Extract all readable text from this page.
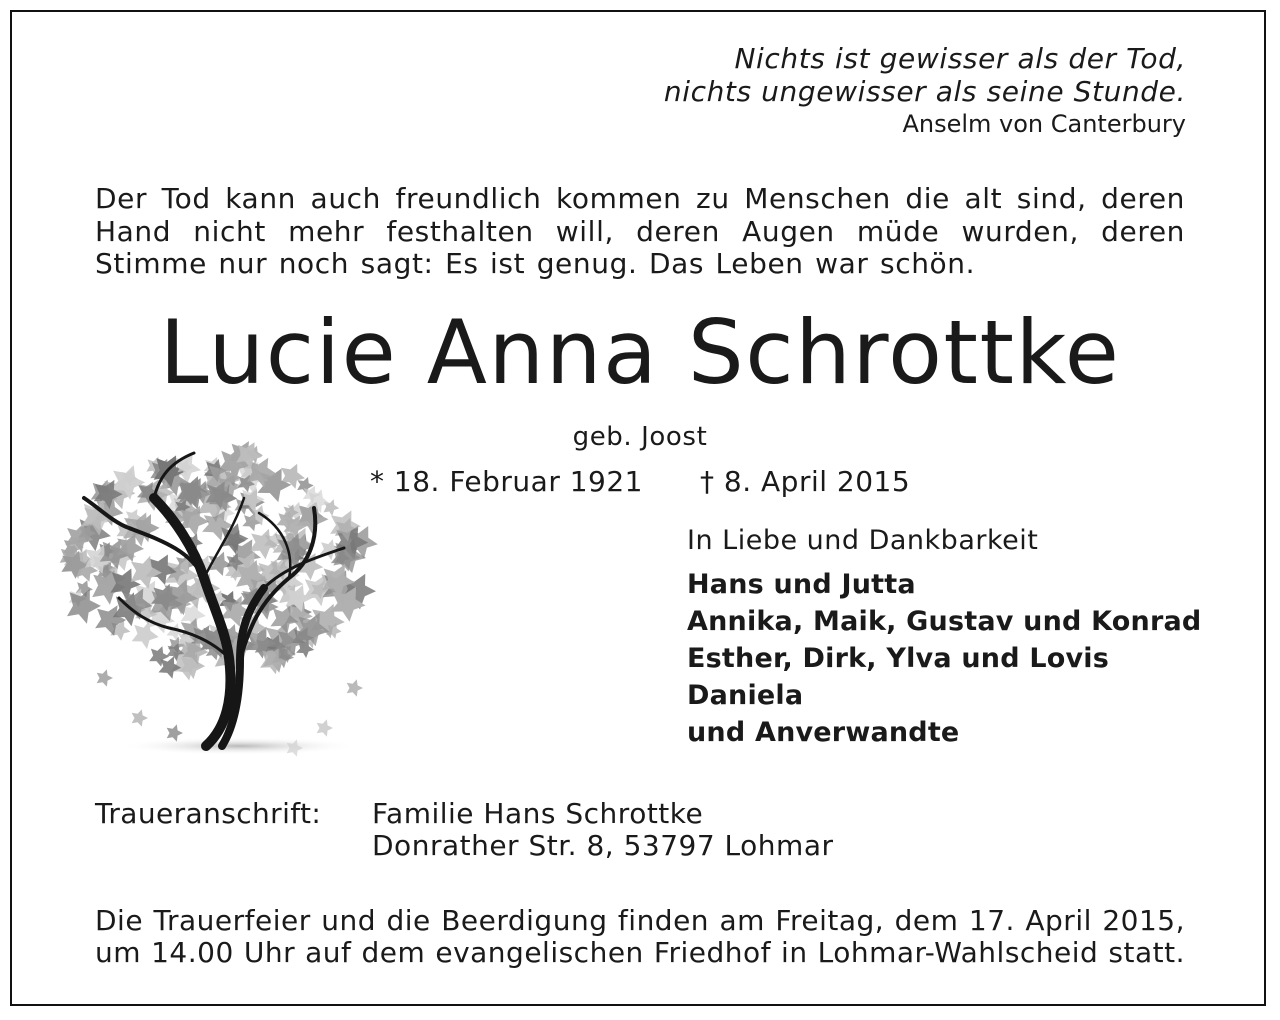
Nichts ist gewisser als der Tod,
nichts ungewisser als seine Stunde.
Anselm von Canterbury
Der Tod kann auch freundlich kommen zu Menschen die alt sind, deren Hand nicht mehr festhalten will, deren Augen müde wurden, deren Stimme nur noch sagt: Es ist genug. Das Leben war schön.
Lucie Anna Schrottke
geb. Joost
* 18. Februar 1921 † 8. April 2015
In Liebe und Dankbarkeit
Hans und Jutta
Annika, Maik, Gustav und Konrad
Esther, Dirk, Ylva und Lovis
Daniela
und Anverwandte
Traueranschrift: Familie Hans Schrottke
Donrather Str. 8, 53797 Lohmar
Die Trauerfeier und die Beerdigung finden am Freitag, dem 17. April 2015,
um 14.00 Uhr auf dem evangelischen Friedhof in Lohmar-Wahlscheid statt.
